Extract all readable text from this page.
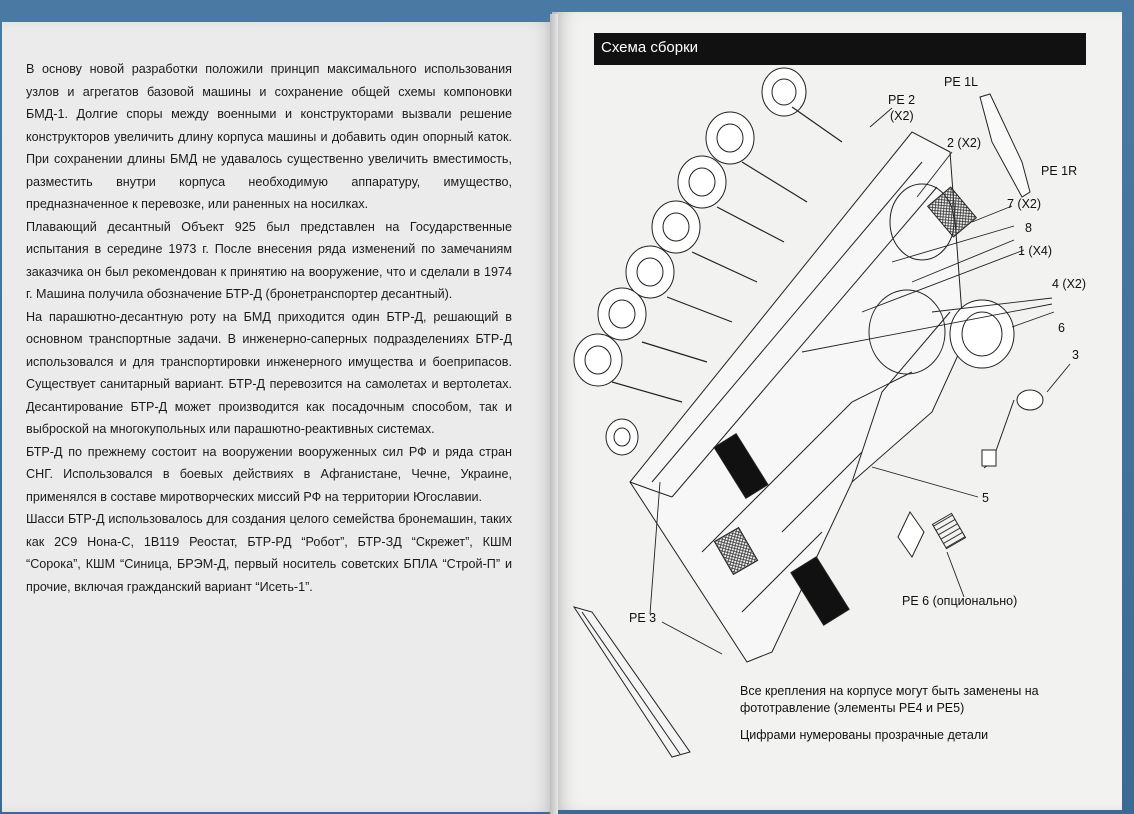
В основу новой разработки положили принцип максимального использования узлов и агрегатов базовой машины и сохранение общей схемы компоновки БМД-1. Долгие споры между военными и конструкторами вызвали решение конструкторов увеличить длину корпуса машины и добавить один опорный каток. При сохранении длины БМД не удавалось существенно увеличить вместимость, разместить внутри корпуса необходимую аппаратуру, имущество, предназначенное к перевозке, или раненных на носилках.

Плавающий десантный Объект 925 был представлен на Государственные испытания в середине 1973 г. После внесения ряда изменений по замечаниям заказчика он был рекомендован к принятию на вооружение, что и сделали в 1974 г. Машина получила обозначение БТР-Д (бронетранспортер десантный).

На парашютно-десантную роту на БМД приходится один БТР-Д, решающий в основном транспортные задачи. В инженерно-саперных подразделениях БТР-Д использовался и для транспортировки инженерного имущества и боеприпасов. Существует санитарный вариант. БТР-Д перевозится на самолетах и вертолетах. Десантирование БТР-Д может производится как посадочным способом, так и выброской на многокупольных или парашютно-реактивных системах.

БТР-Д по прежнему состоит на вооружении вооруженных сил РФ и ряда стран СНГ. Использовался в боевых действиях в Афганистане, Чечне, Украине, применялся в составе миротворческих миссий РФ на территории Югославии.

Шасси БТР-Д использовалось для создания целого семейства бронемашин, таких как 2С9 Нона-С, 1В119 Реостат, БТР-РД “Робот”, БТР-ЗД “Скрежет”, КШМ “Сорока”, КШМ “Синица, БРЭМ-Д, первый носитель советских БПЛА “Строй-П” и прочие, включая гражданский вариант “Исеть-1”.

Схема сборки
PE 2
(X2)
PE 1L
PE 1R
2 (X2)
7 (X2)
8
1 (X4)
4 (X2)
6
3
5
PE 3
PE 6 (опционально)
Все крепления на корпусе могут быть заменены на
фототравление (элементы PE4 и PE5)
Цифрами нумерованы прозрачные детали
